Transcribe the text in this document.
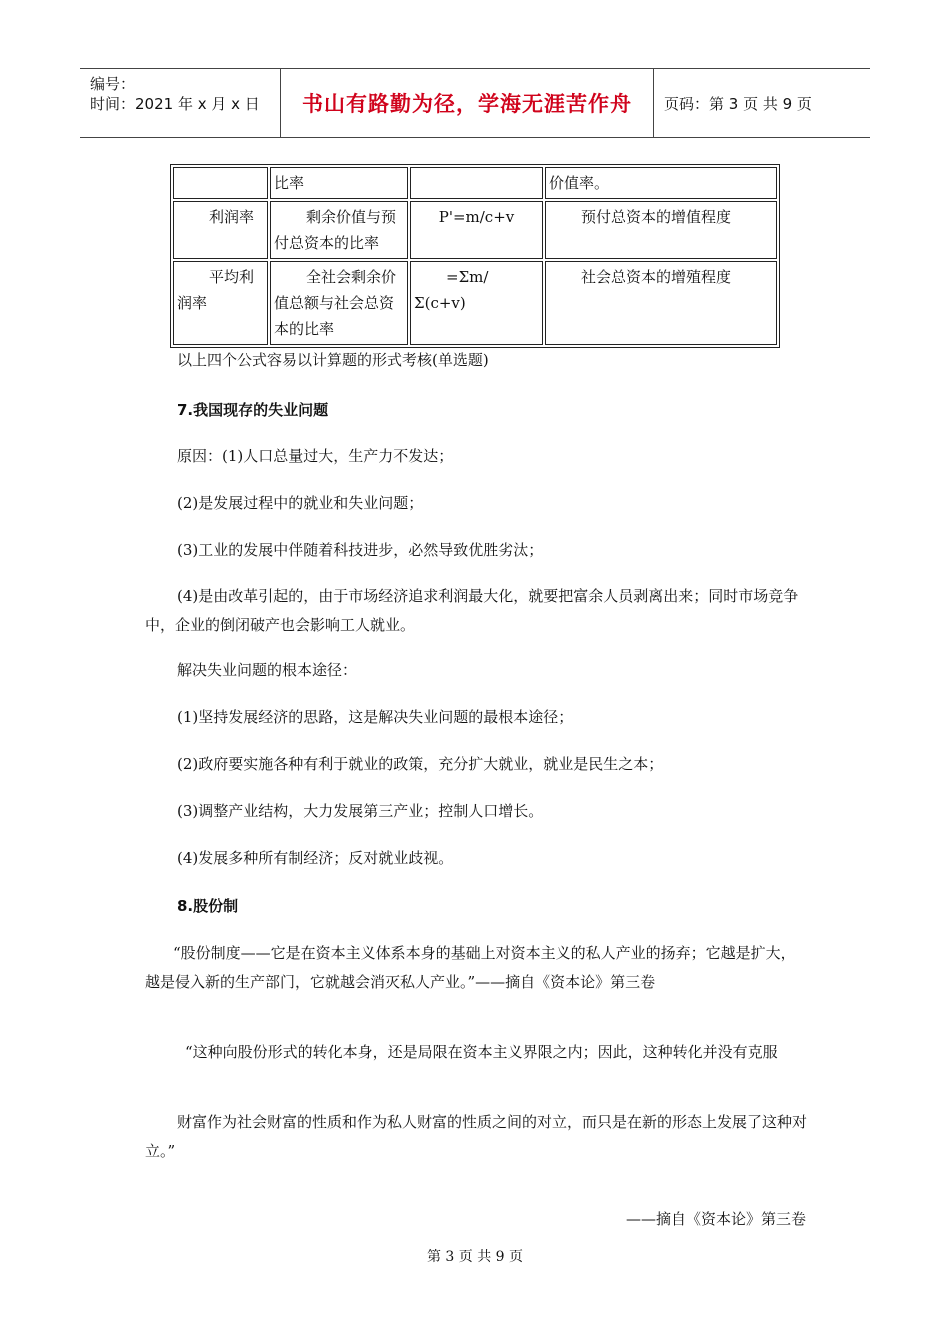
编号：
时间：2021 年 x 月 x 日	书山有路勤为径，学海无涯苦作舟	页码：第 3 页 共 9 页
	比率		价值率。
利润率	剩余价值与预付总资本的比率	P'=m/c+v	预付总资本的增值程度
平均利润率	全社会剩余价值总额与社会总资本的比率	=Σm/Σ(c+v)	社会总资本的增殖程度
以上四个公式容易以计算题的形式考核(单选题)
7.我国现存的失业问题
原因：(1)人口总量过大，生产力不发达；
(2)是发展过程中的就业和失业问题；
(3)工业的发展中伴随着科技进步，必然导致优胜劣汰；
(4)是由改革引起的，由于市场经济追求利润最大化，就要把富余人员剥离出来；同时市场竞争中，企业的倒闭破产也会影响工人就业。
解决失业问题的根本途径：
(1)坚持发展经济的思路，这是解决失业问题的最根本途径；
(2)政府要实施各种有利于就业的政策，充分扩大就业，就业是民生之本；
(3)调整产业结构，大力发展第三产业；控制人口增长。
(4)发展多种所有制经济；反对就业歧视。
8.股份制
“股份制度——它是在资本主义体系本身的基础上对资本主义的私人产业的扬弃；它越是扩大，越是侵入新的生产部门，它就越会消灭私人产业。”——摘自《资本论》第三卷
“这种向股份形式的转化本身，还是局限在资本主义界限之内；因此，这种转化并没有克服
财富作为社会财富的性质和作为私人财富的性质之间的对立，而只是在新的形态上发展了这种对立。”
——摘自《资本论》第三卷
第 3 页 共 9 页
